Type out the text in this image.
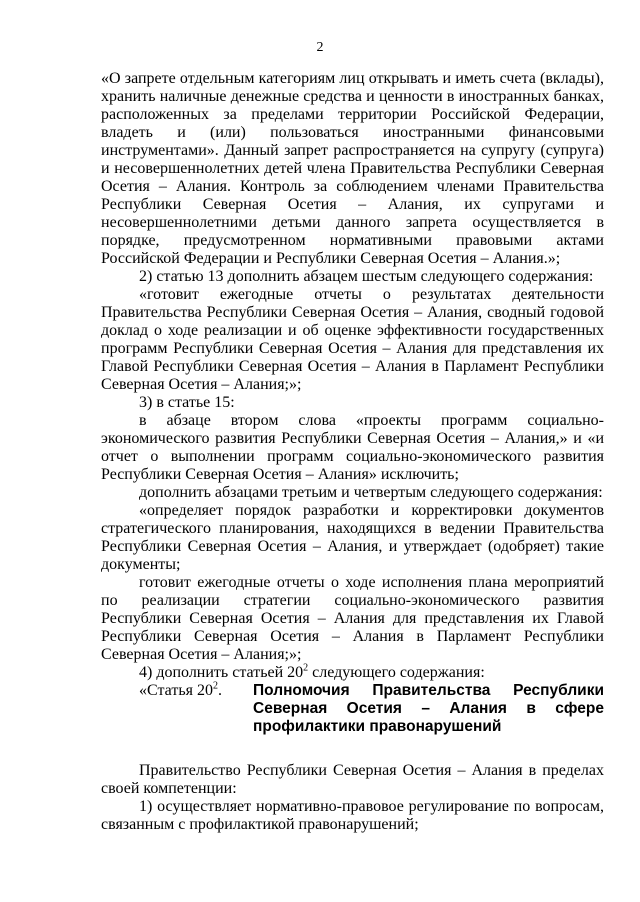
2

«О запрете отдельным категориям лиц открывать и иметь счета (вклады), хранить наличные денежные средства и ценности в иностранных банках, расположенных за пределами территории Российской Федерации, владеть и (или) пользоваться иностранными финансовыми инструментами». Данный запрет распространяется на супругу (супруга) и несовершеннолетних детей члена Правительства Республики Северная Осетия – Алания. Контроль за соблюдением членами Правительства Республики Северная Осетия – Алания, их супругами и несовершеннолетними детьми данного запрета осуществляется в порядке, предусмотренном нормативными правовыми актами Российской Федерации и Республики Северная Осетия – Алания.»;

2) статью 13 дополнить абзацем шестым следующего содержания:

«готовит ежегодные отчеты о результатах деятельности Правительства Республики Северная Осетия – Алания, сводный годовой доклад о ходе реализации и об оценке эффективности государственных программ Республики Северная Осетия – Алания для представления их Главой Республики Северная Осетия – Алания в Парламент Республики Северная Осетия – Алания;»;

3) в статье 15:

в абзаце втором слова «проекты программ социально-экономического развития Республики Северная Осетия – Алания,» и «и отчет о выполнении программ социально-экономического развития Республики Северная Осетия – Алания» исключить;

дополнить абзацами третьим и четвертым следующего содержания:

«определяет порядок разработки и корректировки документов стратегического планирования, находящихся в ведении Правительства Республики Северная Осетия – Алания, и утверждает (одобряет) такие документы;

готовит ежегодные отчеты о ходе исполнения плана мероприятий по реализации стратегии социально-экономического развития Республики Северная Осетия – Алания для представления их Главой Республики Северная Осетия – Алания в Парламент Республики Северная Осетия – Алания;»;

4) дополнить статьей $20^2$ следующего содержания:

«Статья $20^2$.	Полномочия Правительства Республики Северная Осетия – Алания в сфере профилактики правонарушений

Правительство Республики Северная Осетия – Алания в пределах своей компетенции:

1) осуществляет нормативно-правовое регулирование по вопросам, связанным с профилактикой правонарушений;
